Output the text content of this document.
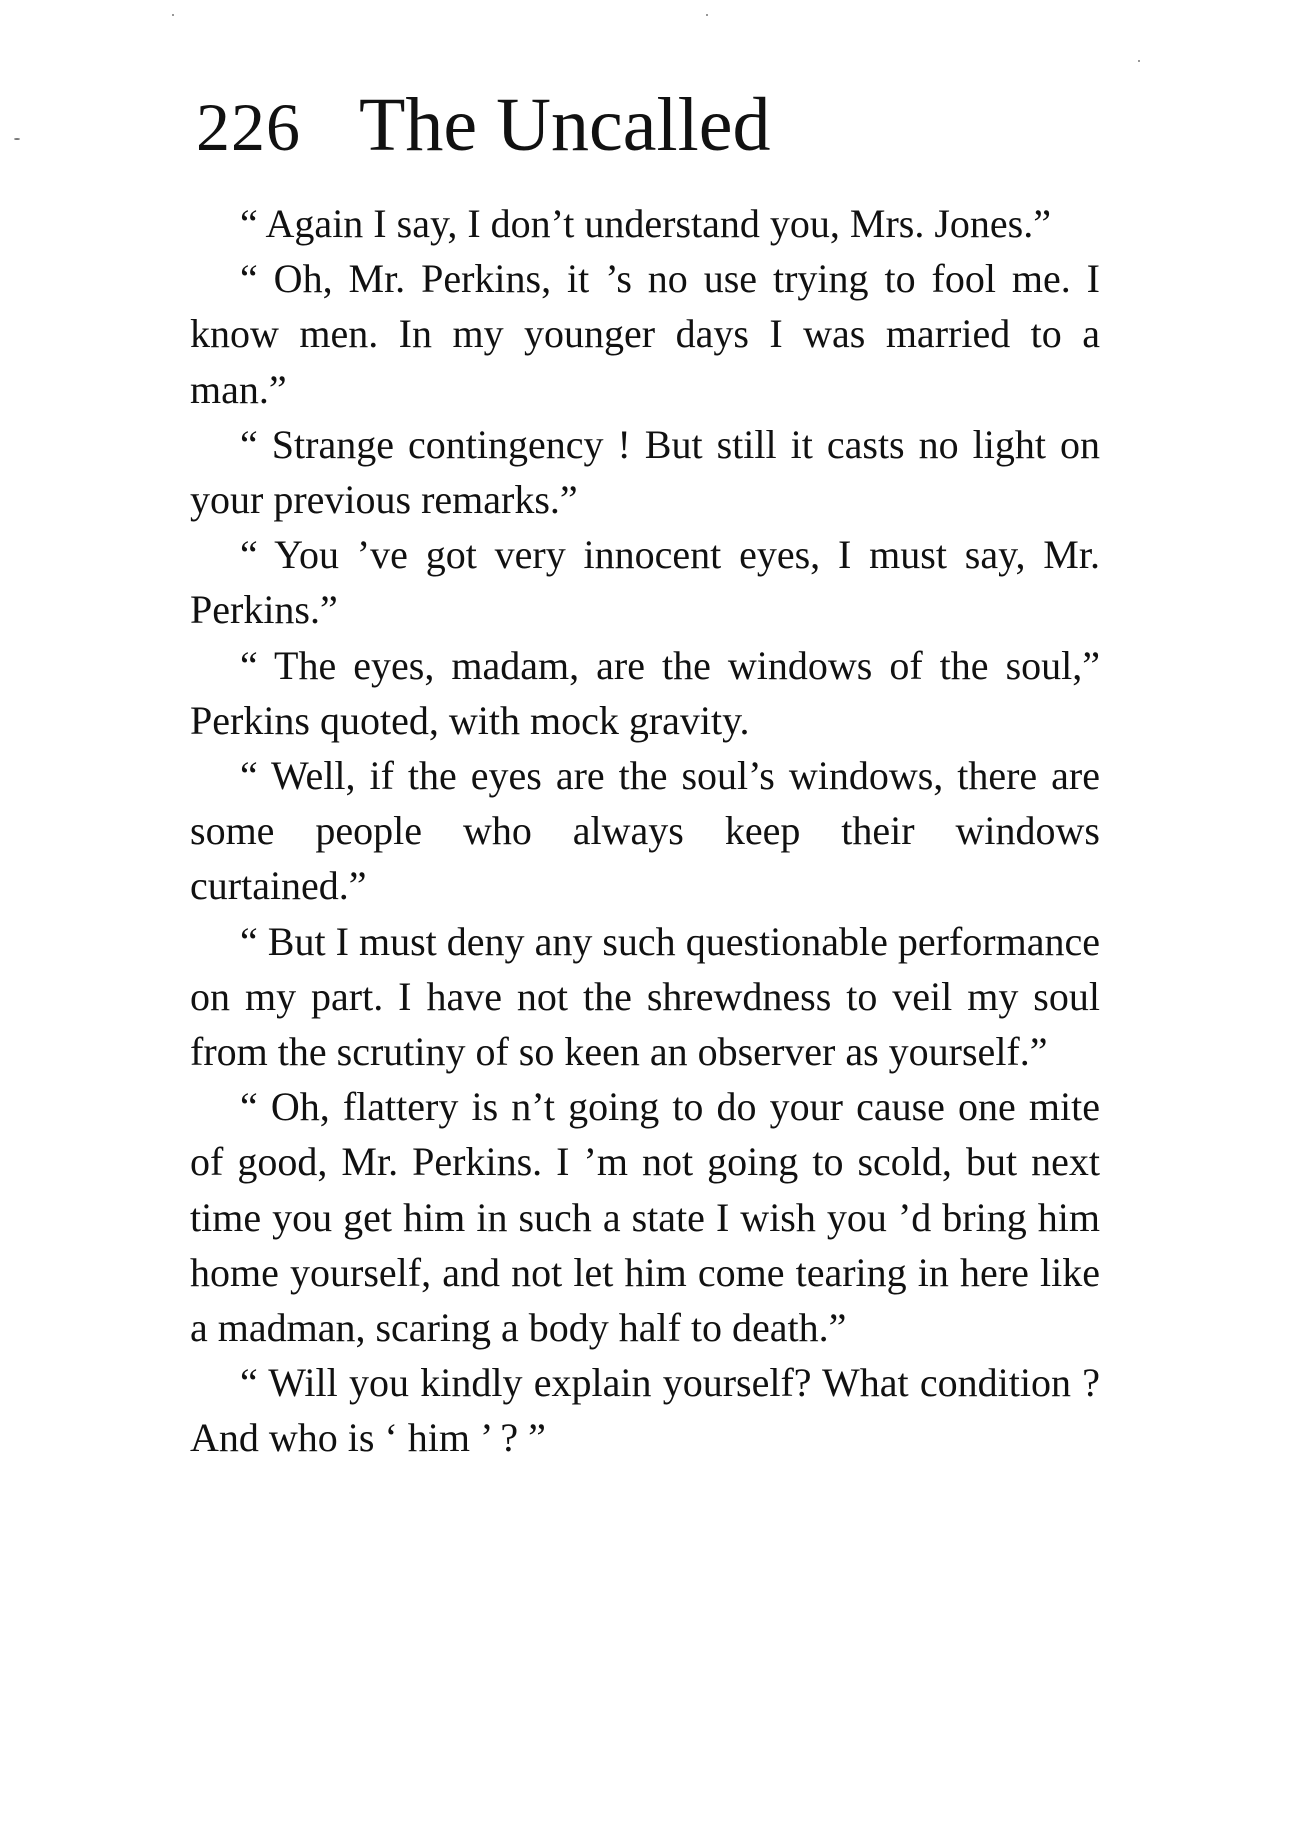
226 The Uncalled

“ Again I say, I don’t understand you, Mrs. Jones.”

“ Oh, Mr. Perkins, it ’s no use trying to fool me. I know men. In my younger days I was married to a man.”

“ Strange contingency ! But still it casts no light on your previous remarks.”

“ You ’ve got very innocent eyes, I must say, Mr. Perkins.”

“ The eyes, madam, are the windows of the soul,” Perkins quoted, with mock gravity.

“ Well, if the eyes are the soul’s windows, there are some people who always keep their windows curtained.”

“ But I must deny any such questionable performance on my part. I have not the shrewdness to veil my soul from the scrutiny of so keen an observer as yourself.”

“ Oh, flattery is n’t going to do your cause one mite of good, Mr. Perkins. I ’m not going to scold, but next time you get him in such a state I wish you ’d bring him home yourself, and not let him come tearing in here like a madman, scaring a body half to death.”

“ Will you kindly explain yourself? What condition ? And who is ‘ him ’ ? ”
